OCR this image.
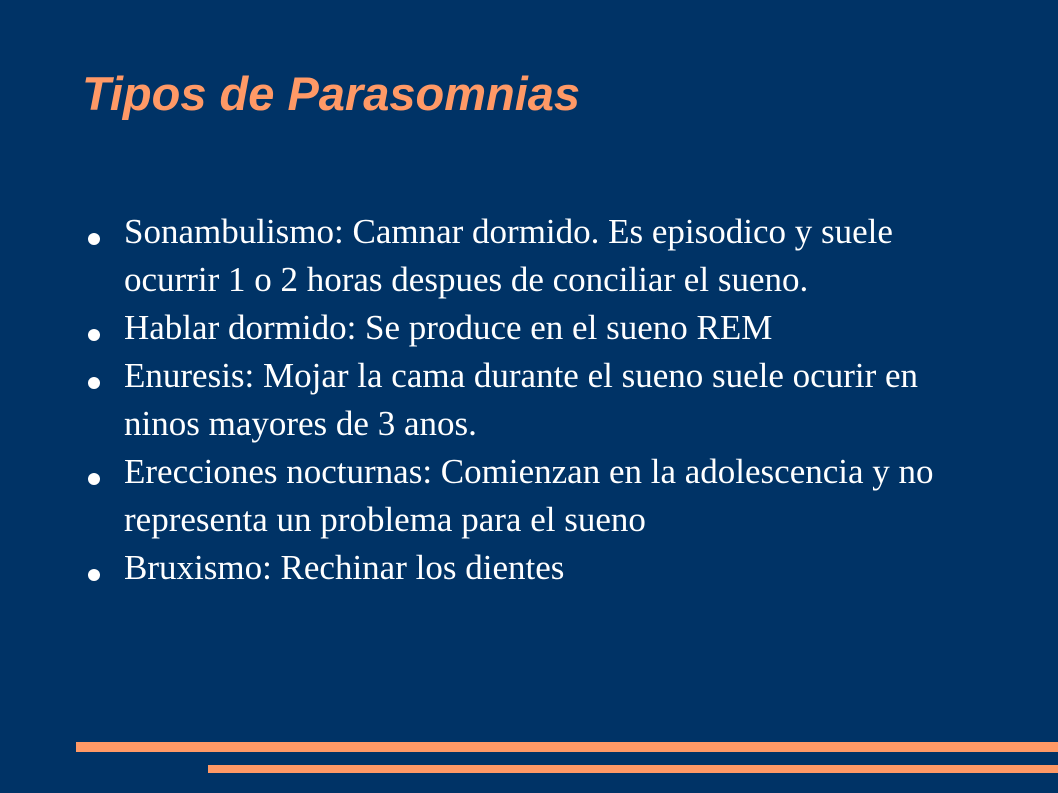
Tipos de Parasomnias
Sonambulismo: Camnar dormido. Es episodico y suele ocurrir 1 o 2 horas despues de conciliar el sueno.
Hablar dormido: Se produce en el sueno REM
Enuresis: Mojar la cama durante el sueno suele ocurir en ninos mayores de 3 anos.
Erecciones nocturnas: Comienzan en la adolescencia y no representa un problema para el sueno
Bruxismo: Rechinar los dientes
